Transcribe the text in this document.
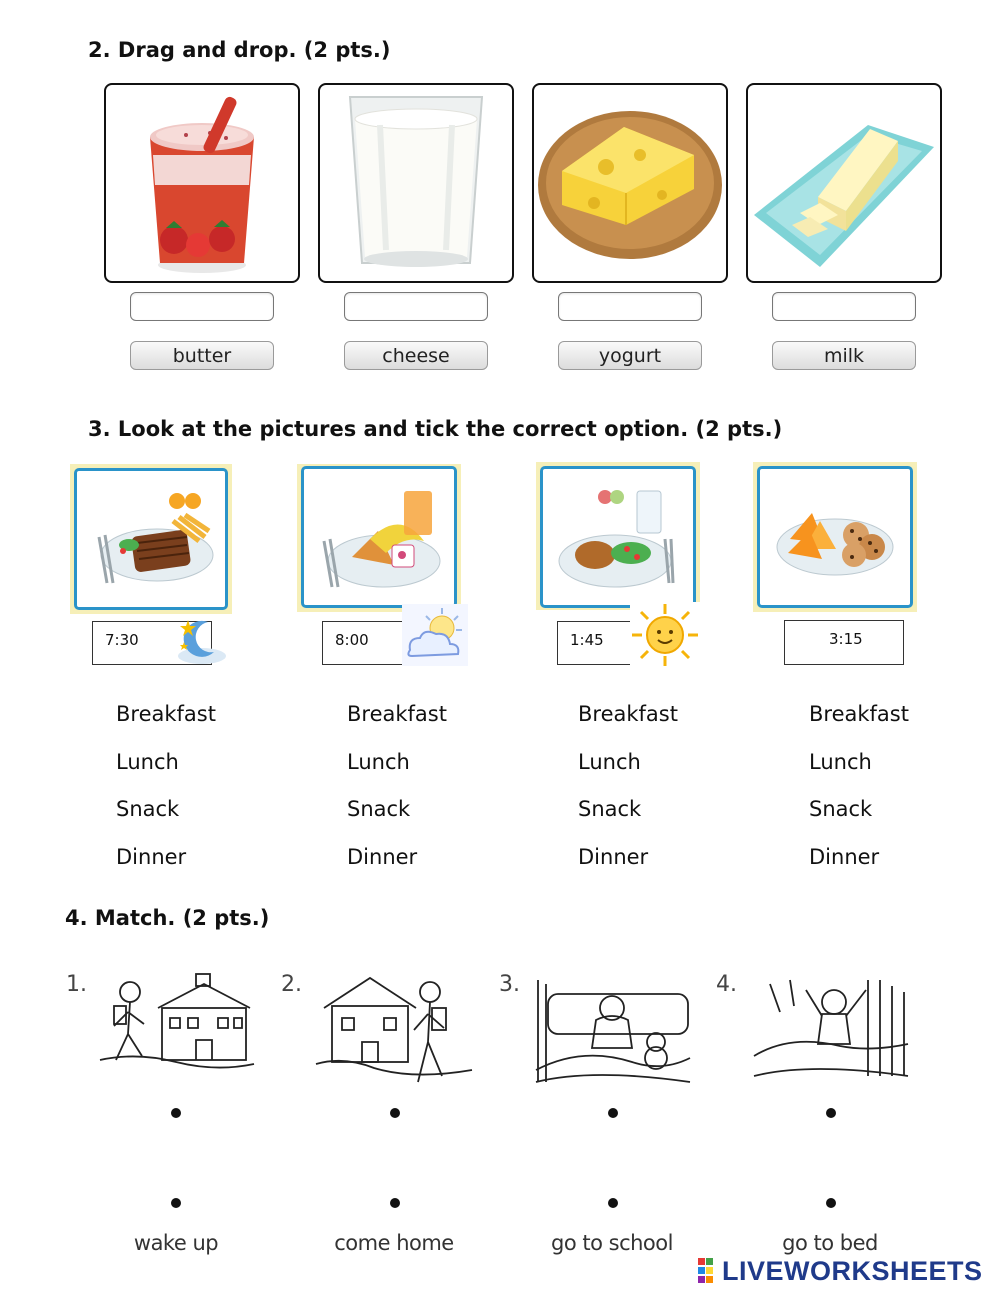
2. Drag and drop. (2 pts.)
butter	cheese	yogurt	milk
3. Look at the pictures and tick the correct option. (2 pts.)
7:30	8:00	1:45	3:15
Breakfast
Lunch
Snack
Dinner
Breakfast
Lunch
Snack
Dinner
Breakfast
Lunch
Snack
Dinner
Breakfast
Lunch
Snack
Dinner
4. Match. (2 pts.)
1.	2.	3.	4.
wake up	come home	go to school	go to bed
LIVEWORKSHEETS
